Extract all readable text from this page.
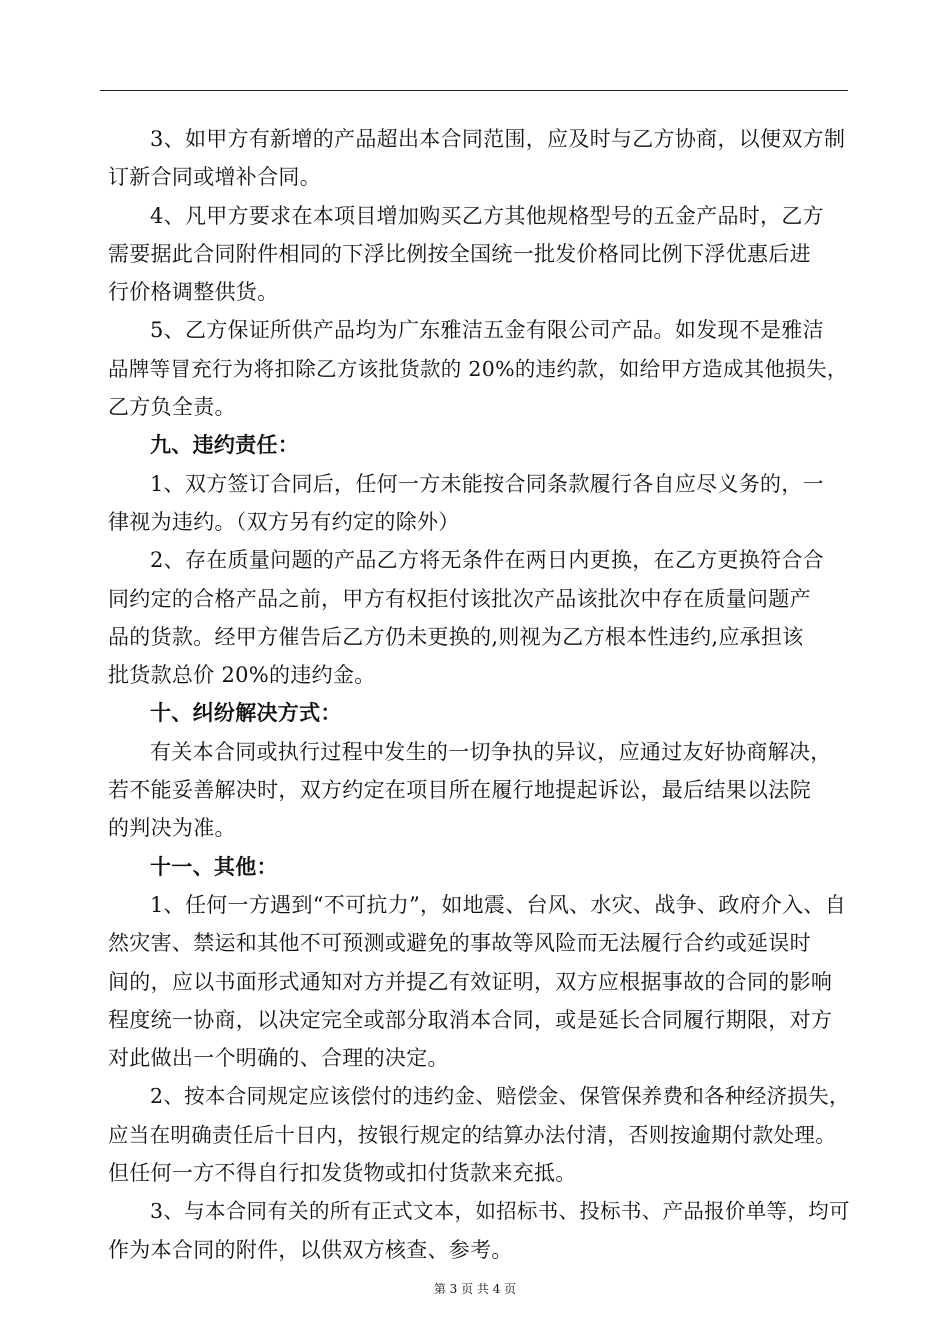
3、如甲方有新增的产品超出本合同范围，应及时与乙方协商，以便双方制
订新合同或增补合同。
4、凡甲方要求在本项目增加购买乙方其他规格型号的五金产品时，乙方
需要据此合同附件相同的下浮比例按全国统一批发价格同比例下浮优惠后进
行价格调整供货。
5、乙方保证所供产品均为广东雅洁五金有限公司产品。如发现不是雅洁
品牌等冒充行为将扣除乙方该批货款的 20%的违约款，如给甲方造成其他损失，
乙方负全责。
九、违约责任：
1、双方签订合同后，任何一方未能按合同条款履行各自应尽义务的，一
律视为违约。（双方另有约定的除外）
2、存在质量问题的产品乙方将无条件在两日内更换，在乙方更换符合合
同约定的合格产品之前，甲方有权拒付该批次产品该批次中存在质量问题产
品的货款。经甲方催告后乙方仍未更换的,则视为乙方根本性违约,应承担该
批货款总价 20%的违约金。
十、纠纷解决方式：
有关本合同或执行过程中发生的一切争执的异议，应通过友好协商解决，
若不能妥善解决时，双方约定在项目所在履行地提起诉讼，最后结果以法院
的判决为准。
十一、其他：
1、任何一方遇到“不可抗力”，如地震、台风、水灾、战争、政府介入、自
然灾害、禁运和其他不可预测或避免的事故等风险而无法履行合约或延误时
间的，应以书面形式通知对方并提乙有效证明，双方应根据事故的合同的影响
程度统一协商，以决定完全或部分取消本合同，或是延长合同履行期限，对方
对此做出一个明确的、合理的决定。
2、按本合同规定应该偿付的违约金、赔偿金、保管保养费和各种经济损失，
应当在明确责任后十日内，按银行规定的结算办法付清，否则按逾期付款处理。
但任何一方不得自行扣发货物或扣付货款来充抵。
3、与本合同有关的所有正式文本，如招标书、投标书、产品报价单等，均可
作为本合同的附件，以供双方核查、参考。
第 3 页 共 4 页
